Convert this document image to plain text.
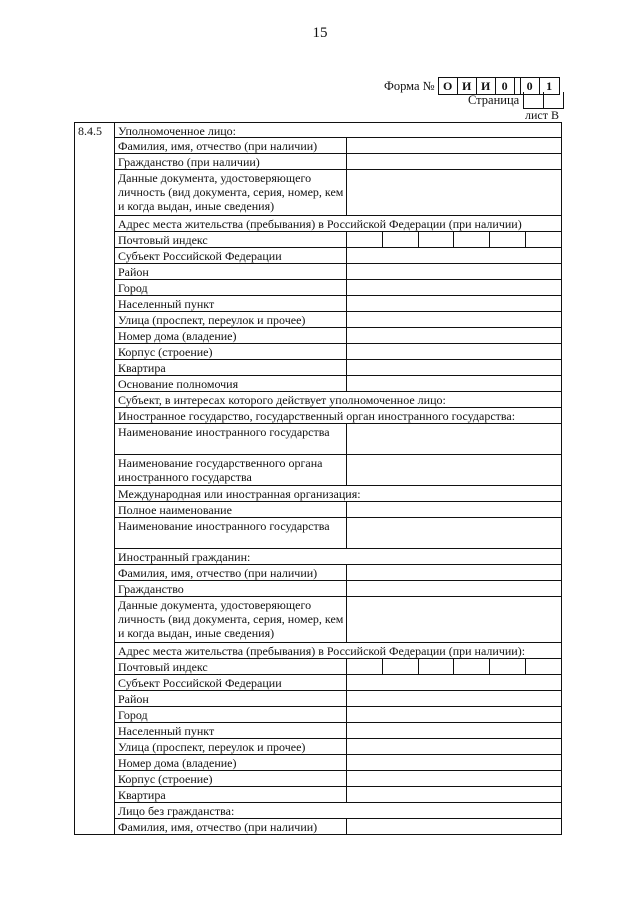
15
Форма № О И И 0	0	1
Страница
лист В
8.4.5	Уполномоченное лицо:
Фамилия, имя, отчество (при наличии)
Гражданство (при наличии)
Данные документа, удостоверяющего личность (вид документа, серия, номер, кем и когда выдан, иные сведения)
Адрес места жительства (пребывания) в Российской Федерации (при наличии)
Почтовый индекс
Субъект Российской Федерации
Район
Город
Населенный пункт
Улица (проспект, переулок и прочее)
Номер дома (владение)
Корпус (строение)
Квартира
Основание полномочия
Субъект, в интересах которого действует уполномоченное лицо:
Иностранное государство, государственный орган иностранного государства:
Наименование иностранного государства
Наименование государственного органа иностранного государства
Международная или иностранная организация:
Полное наименование
Наименование иностранного государства
Иностранный гражданин:
Фамилия, имя, отчество (при наличии)
Гражданство
Данные документа, удостоверяющего личность (вид документа, серия, номер, кем и когда выдан, иные сведения)
Адрес места жительства (пребывания) в Российской Федерации (при наличии):
Почтовый индекс
Субъект Российской Федерации
Район
Город
Населенный пункт
Улица (проспект, переулок и прочее)
Номер дома (владение)
Корпус (строение)
Квартира
Лицо без гражданства:
Фамилия, имя, отчество (при наличии)
